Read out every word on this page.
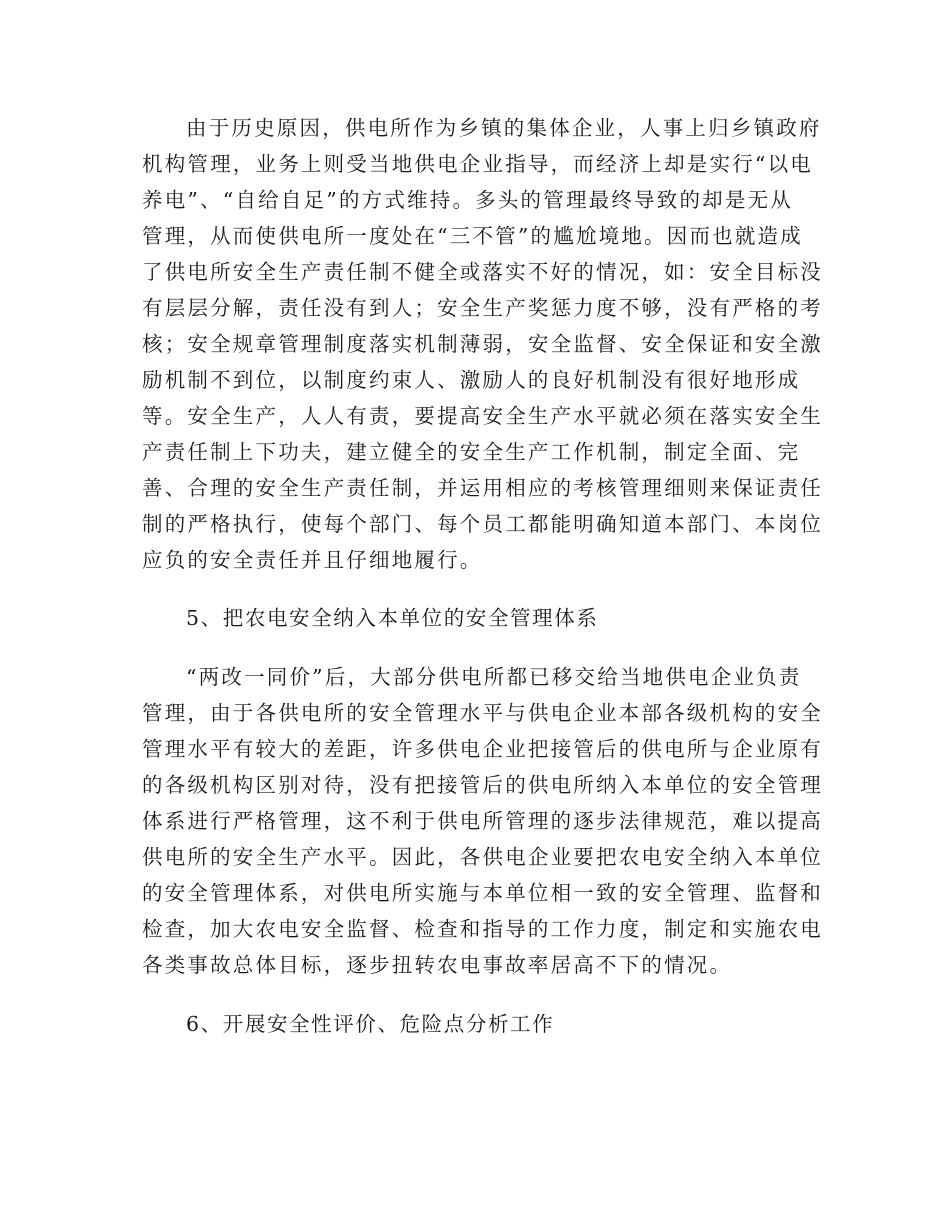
由于历史原因，供电所作为乡镇的集体企业，人事上归乡镇政府
机构管理，业务上则受当地供电企业指导，而经济上却是实行“以电
养电”、“自给自足”的方式维持。多头的管理最终导致的却是无从
管理，从而使供电所一度处在“三不管”的尴尬境地。因而也就造成
了供电所安全生产责任制不健全或落实不好的情况，如：安全目标没
有层层分解，责任没有到人；安全生产奖惩力度不够，没有严格的考
核；安全规章管理制度落实机制薄弱，安全监督、安全保证和安全激
励机制不到位，以制度约束人、激励人的良好机制没有很好地形成
等。安全生产，人人有责，要提高安全生产水平就必须在落实安全生
产责任制上下功夫，建立健全的安全生产工作机制，制定全面、完
善、合理的安全生产责任制，并运用相应的考核管理细则来保证责任
制的严格执行，使每个部门、每个员工都能明确知道本部门、本岗位
应负的安全责任并且仔细地履行。
5、把农电安全纳入本单位的安全管理体系
“两改一同价”后，大部分供电所都已移交给当地供电企业负责
管理，由于各供电所的安全管理水平与供电企业本部各级机构的安全
管理水平有较大的差距，许多供电企业把接管后的供电所与企业原有
的各级机构区别对待，没有把接管后的供电所纳入本单位的安全管理
体系进行严格管理，这不利于供电所管理的逐步法律规范，难以提高
供电所的安全生产水平。因此，各供电企业要把农电安全纳入本单位
的安全管理体系，对供电所实施与本单位相一致的安全管理、监督和
检查，加大农电安全监督、检查和指导的工作力度，制定和实施农电
各类事故总体目标，逐步扭转农电事故率居高不下的情况。
6、开展安全性评价、危险点分析工作
